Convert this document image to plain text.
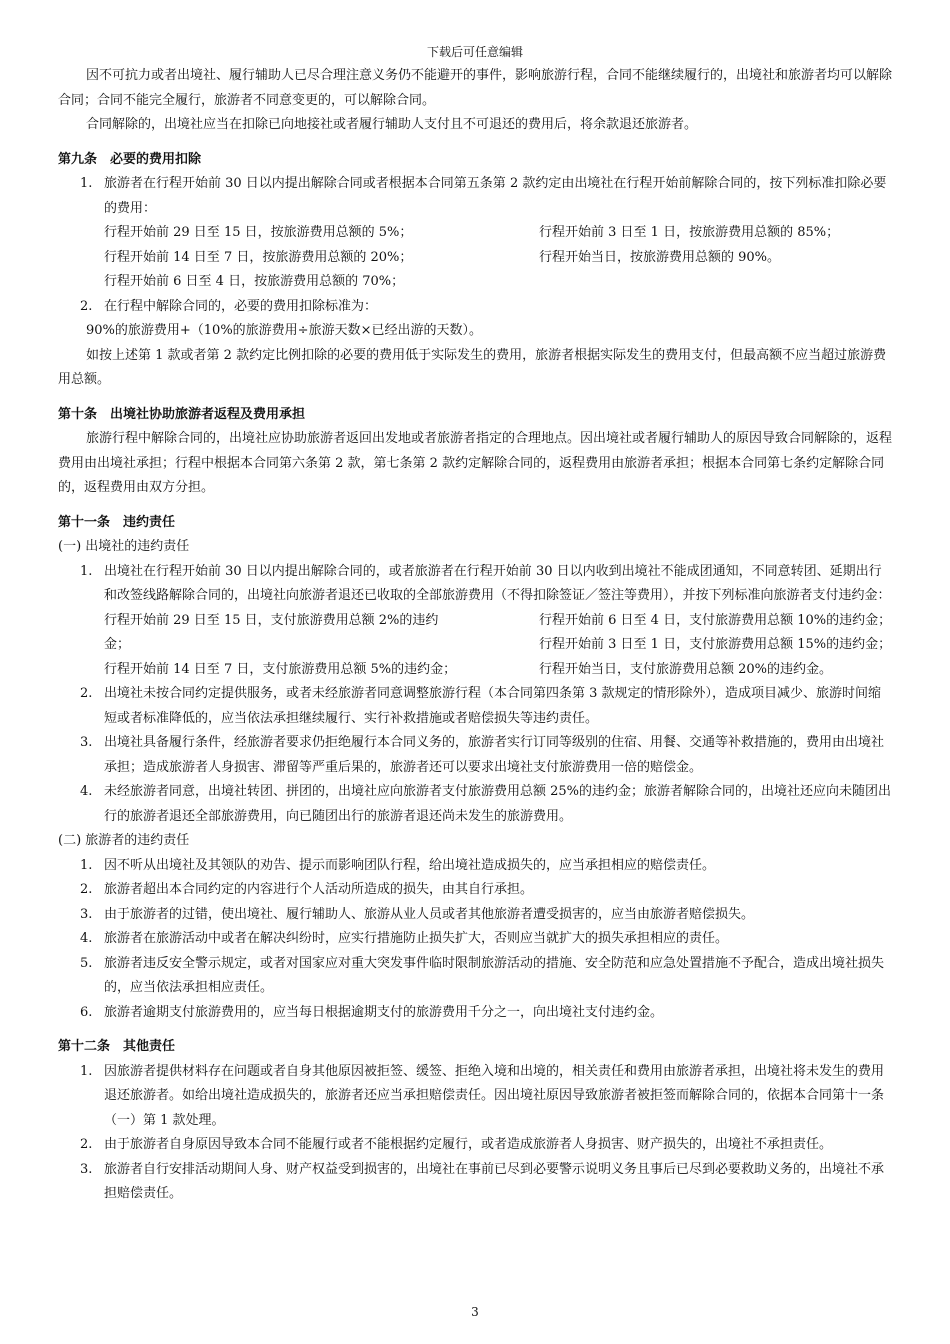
下载后可任意编辑

因不可抗力或者出境社、履行辅助人已尽合理注意义务仍不能避开的事件，影响旅游行程，合同不能继续履行的，出境社和旅游者均可以解除合同；合同不能完全履行，旅游者不同意变更的，可以解除合同。

合同解除的，出境社应当在扣除已向地接社或者履行辅助人支付且不可退还的费用后，将余款退还旅游者。

第九条　必要的费用扣除

1. 旅游者在行程开始前 30 日以内提出解除合同或者根据本合同第五条第 2 款约定由出境社在行程开始前解除合同的，按下列标准扣除必要的费用：
行程开始前 29 日至 15 日，按旅游费用总额的 5%；	行程开始前 3 日至 1 日，按旅游费用总额的 85%；
行程开始前 14 日至 7 日，按旅游费用总额的 20%；	行程开始当日，按旅游费用总额的 90%。
行程开始前 6 日至 4 日，按旅游费用总额的 70%；
2. 在行程中解除合同的，必要的费用扣除标准为：

90%的旅游费用+（10%的旅游费用÷旅游天数×已经出游的天数）。

如按上述第 1 款或者第 2 款约定比例扣除的必要的费用低于实际发生的费用，旅游者根据实际发生的费用支付，但最高额不应当超过旅游费用总额。

第十条　出境社协助旅游者返程及费用承担

旅游行程中解除合同的，出境社应协助旅游者返回出发地或者旅游者指定的合理地点。因出境社或者履行辅助人的原因导致合同解除的，返程费用由出境社承担；行程中根据本合同第六条第 2 款，第七条第 2 款约定解除合同的，返程费用由旅游者承担；根据本合同第七条约定解除合同的，返程费用由双方分担。

第十一条　违约责任

(一) 出境社的违约责任

1. 出境社在行程开始前 30 日以内提出解除合同的，或者旅游者在行程开始前 30 日以内收到出境社不能成团通知，不同意转团、延期出行和改签线路解除合同的，出境社向旅游者退还已收取的全部旅游费用（不得扣除签证／签注等费用），并按下列标准向旅游者支付违约金：
行程开始前 29 日至 15 日，支付旅游费用总额 2%的违约金；
行程开始前 14 日至 7 日，支付旅游费用总额 5%的违约金；
行程开始前 6 日至 4 日，支付旅游费用总额 10%的违约金；
行程开始前 3 日至 1 日，支付旅游费用总额 15%的违约金；
行程开始当日，支付旅游费用总额 20%的违约金。
2. 出境社未按合同约定提供服务，或者未经旅游者同意调整旅游行程（本合同第四条第 3 款规定的情形除外），造成项目减少、旅游时间缩短或者标准降低的，应当依法承担继续履行、实行补救措施或者赔偿损失等违约责任。
3. 出境社具备履行条件，经旅游者要求仍拒绝履行本合同义务的，旅游者实行订同等级别的住宿、用餐、交通等补救措施的，费用由出境社承担；造成旅游者人身损害、滞留等严重后果的，旅游者还可以要求出境社支付旅游费用一倍的赔偿金。
4. 未经旅游者同意，出境社转团、拼团的，出境社应向旅游者支付旅游费用总额 25%的违约金；旅游者解除合同的，出境社还应向未随团出行的旅游者退还全部旅游费用，向已随团出行的旅游者退还尚未发生的旅游费用。

(二) 旅游者的违约责任

1. 因不听从出境社及其领队的劝告、提示而影响团队行程，给出境社造成损失的，应当承担相应的赔偿责任。
2. 旅游者超出本合同约定的内容进行个人活动所造成的损失，由其自行承担。
3. 由于旅游者的过错，使出境社、履行辅助人、旅游从业人员或者其他旅游者遭受损害的，应当由旅游者赔偿损失。
4. 旅游者在旅游活动中或者在解决纠纷时，应实行措施防止损失扩大，否则应当就扩大的损失承担相应的责任。
5. 旅游者违反安全警示规定，或者对国家应对重大突发事件临时限制旅游活动的措施、安全防范和应急处置措施不予配合，造成出境社损失的，应当依法承担相应责任。
6. 旅游者逾期支付旅游费用的，应当每日根据逾期支付的旅游费用千分之一，向出境社支付违约金。

第十二条　其他责任

1. 因旅游者提供材料存在问题或者自身其他原因被拒签、缓签、拒绝入境和出境的，相关责任和费用由旅游者承担，出境社将未发生的费用退还旅游者。如给出境社造成损失的，旅游者还应当承担赔偿责任。因出境社原因导致旅游者被拒签而解除合同的，依据本合同第十一条（一）第 1 款处理。
2. 由于旅游者自身原因导致本合同不能履行或者不能根据约定履行，或者造成旅游者人身损害、财产损失的，出境社不承担责任。
3. 旅游者自行安排活动期间人身、财产权益受到损害的，出境社在事前已尽到必要警示说明义务且事后已尽到必要救助义务的，出境社不承担赔偿责任。
3
